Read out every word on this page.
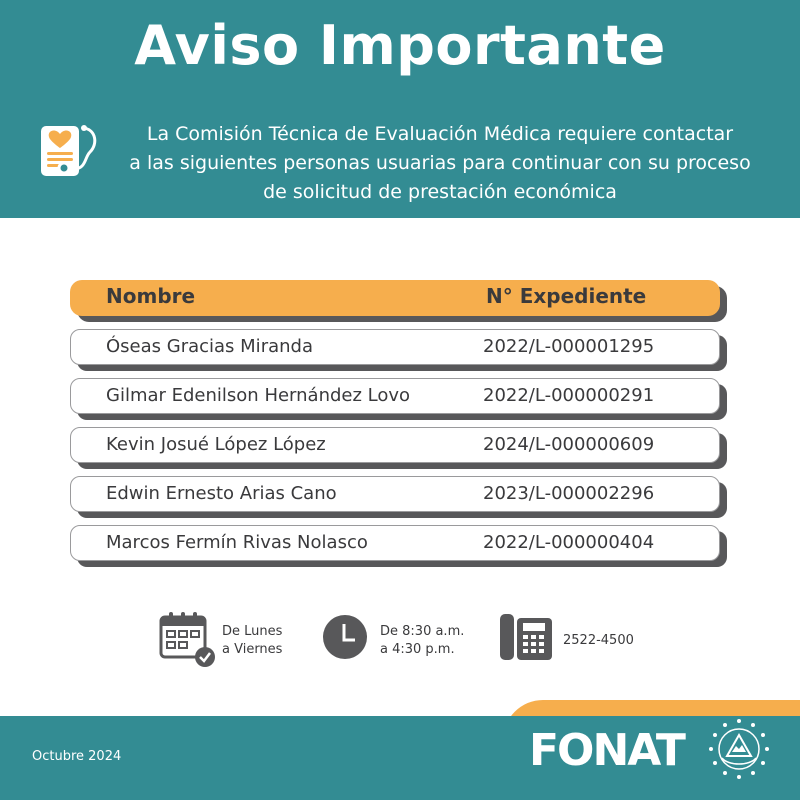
Aviso Importante
La Comisión Técnica de Evaluación Médica requiere contactar
a las siguientes personas usuarias para continuar con su proceso
de solicitud de prestación económica
Nombre	N° Expediente
Óseas Gracias Miranda	2022/L-000001295
Gilmar Edenilson Hernández Lovo	2022/L-000000291
Kevin Josué López López	2024/L-000000609
Edwin Ernesto Arias Cano	2023/L-000002296
Marcos Fermín Rivas Nolasco	2022/L-000000404
De Lunes
a Viernes
De 8:30 a.m.
a 4:30 p.m.
2522-4500
Octubre 2024	FONAT
